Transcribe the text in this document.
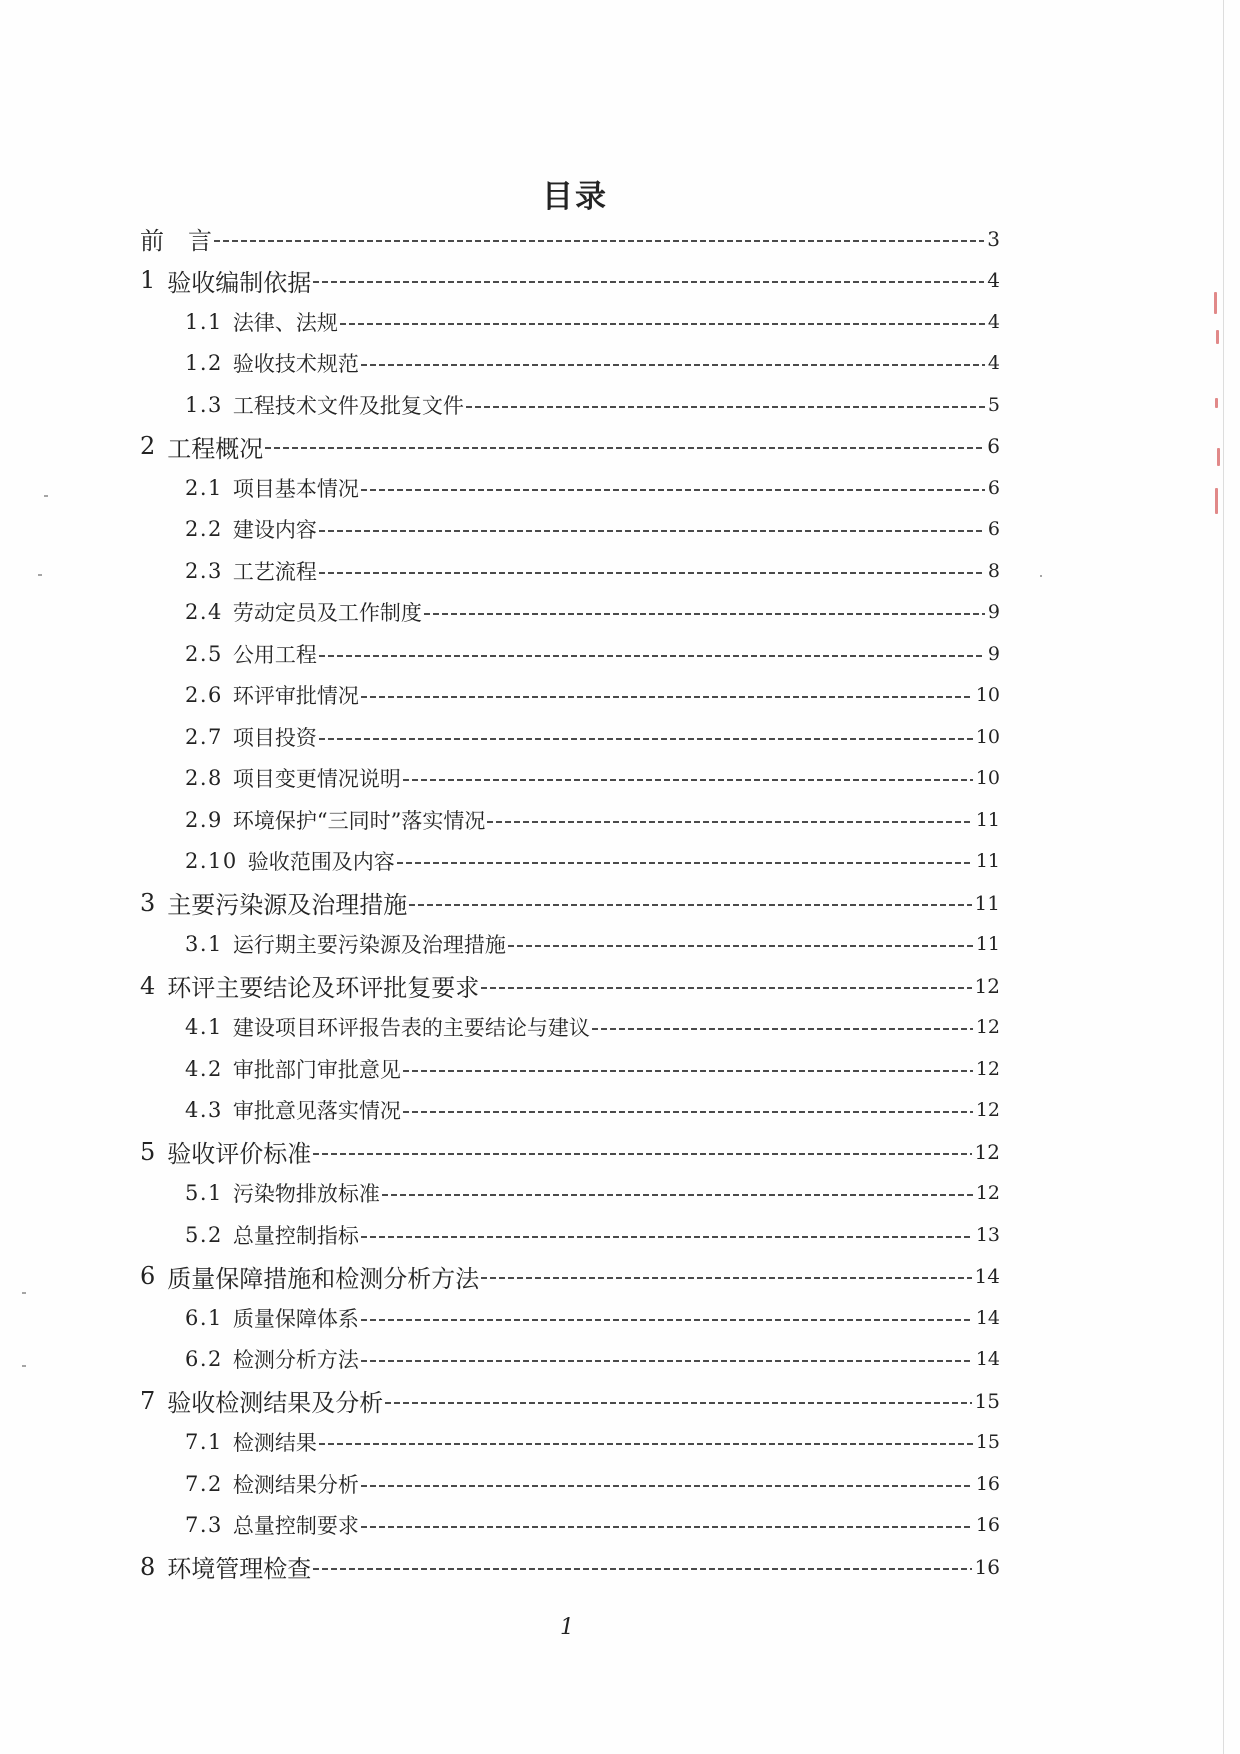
目录
前　言	3
1 验收编制依据	4
1.1 法律、法规	4
1.2 验收技术规范	4
1.3 工程技术文件及批复文件	5
2 工程概况	6
2.1 项目基本情况	6
2.2 建设内容	6
2.3 工艺流程	8
2.4 劳动定员及工作制度	9
2.5 公用工程	9
2.6 环评审批情况	10
2.7 项目投资	10
2.8 项目变更情况说明	10
2.9 环境保护“三同时”落实情况	11
2.10 验收范围及内容	11
3 主要污染源及治理措施	11
3.1 运行期主要污染源及治理措施	11
4 环评主要结论及环评批复要求	12
4.1 建设项目环评报告表的主要结论与建议	12
4.2 审批部门审批意见	12
4.3 审批意见落实情况	12
5 验收评价标准	12
5.1 污染物排放标准	12
5.2 总量控制指标	13
6 质量保障措施和检测分析方法	14
6.1 质量保障体系	14
6.2 检测分析方法	14
7 验收检测结果及分析	15
7.1 检测结果	15
7.2 检测结果分析	16
7.3 总量控制要求	16
8 环境管理检查	16
1
